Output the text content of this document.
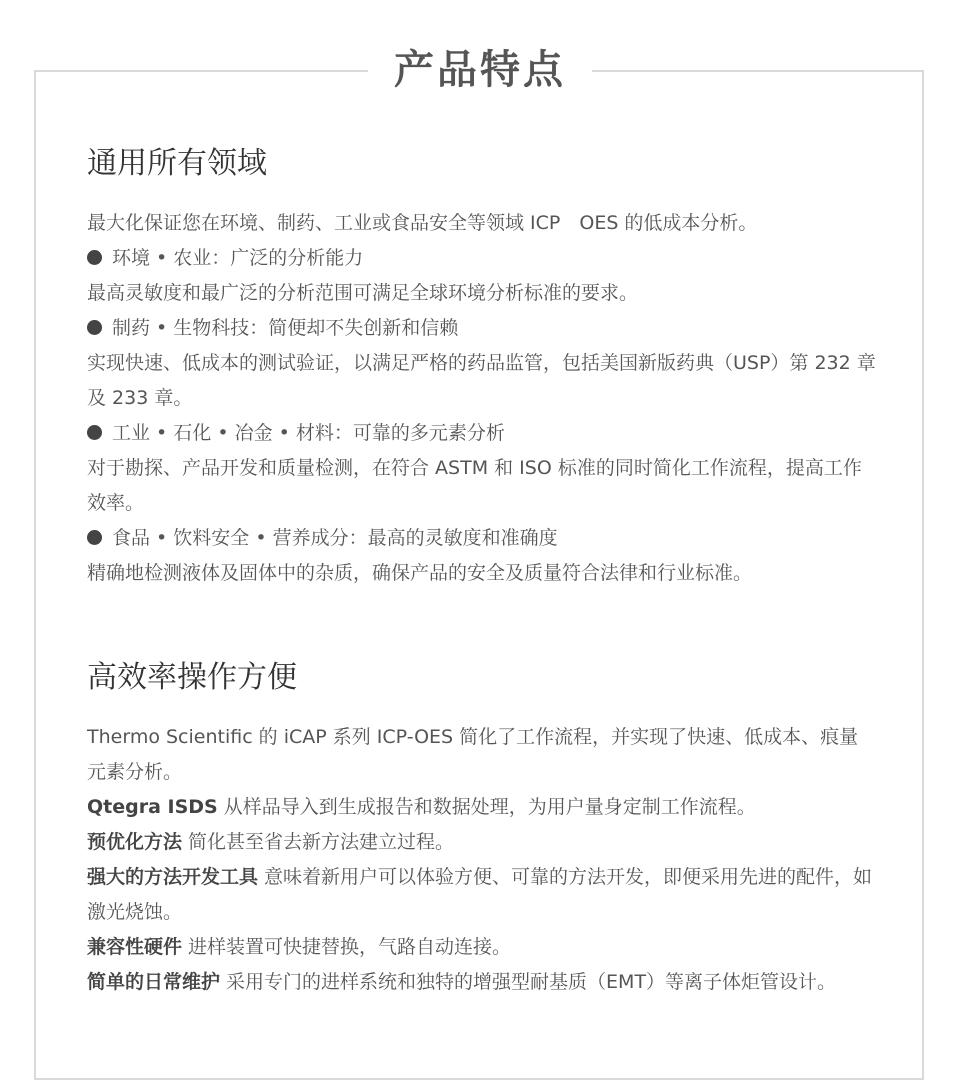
产品特点
通用所有领域

最大化保证您在环境、制药、工业或食品安全等领域 ICP　OES 的低成本分析。

环境 • 农业：广泛的分析能力

最高灵敏度和最广泛的分析范围可满足全球环境分析标准的要求。

制药 • 生物科技：简便却不失创新和信赖

实现快速、低成本的测试验证，以满足严格的药品监管，包括美国新版药典（USP）第 232 章及 233 章。

工业 • 石化 • 冶金 • 材料：可靠的多元素分析

对于勘探、产品开发和质量检测，在符合 ASTM 和 ISO 标准的同时简化工作流程，提高工作效率。

食品 • 饮料安全 • 营养成分：最高的灵敏度和准确度

精确地检测液体及固体中的杂质，确保产品的安全及质量符合法律和行业标准。

高效率操作方便

Thermo Scientific 的 iCAP 系列 ICP-OES 简化了工作流程，并实现了快速、低成本、痕量元素分析。

Qtegra ISDS 从样品导入到生成报告和数据处理，为用户量身定制工作流程。

预优化方法 简化甚至省去新方法建立过程。

强大的方法开发工具 意味着新用户可以体验方便、可靠的方法开发，即便采用先进的配件，如激光烧蚀。

兼容性硬件 进样装置可快捷替换，气路自动连接。

简单的日常维护 采用专门的进样系统和独特的增强型耐基质（EMT）等离子体炬管设计。
